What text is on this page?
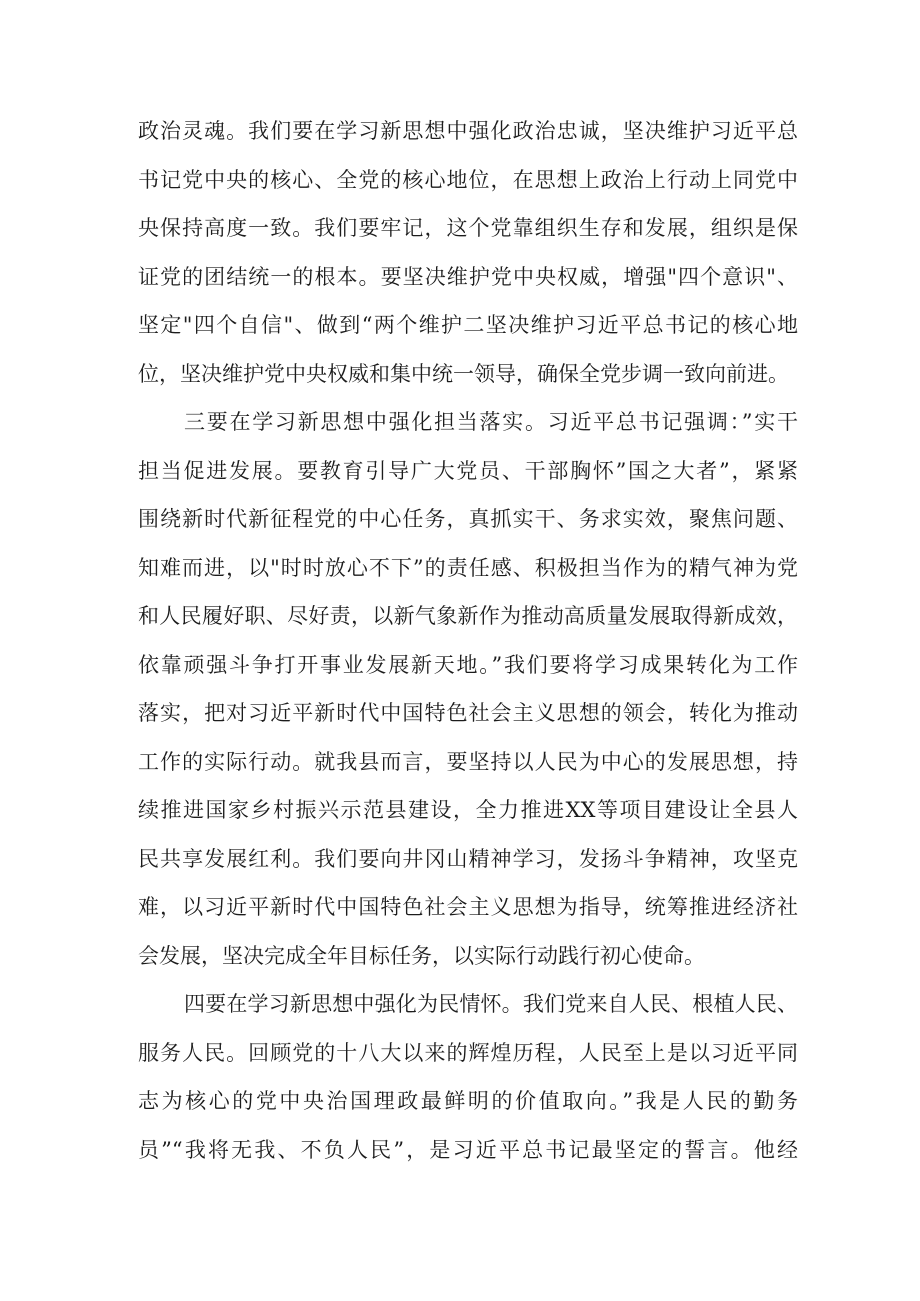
政治灵魂。我们要在学习新思想中强化政治忠诚，坚决维护习近平总
书记党中央的核心、全党的核心地位，在思想上政治上行动上同党中
央保持高度一致。我们要牢记，这个党靠组织生存和发展，组织是保
证党的团结统一的根本。要坚决维护党中央权威，增强"四个意识"、
坚定"四个自信"、做到“两个维护二坚决维护习近平总书记的核心地
位，坚决维护党中央权威和集中统一领导，确保全党步调一致向前进。
三要在学习新思想中强化担当落实。习近平总书记强调：”实干
担当促进发展。要教育引导广大党员、干部胸怀”国之大者”，紧紧
围绕新时代新征程党的中心任务，真抓实干、务求实效，聚焦问题、
知难而进，以"时时放心不下”的责任感、积极担当作为的精气神为党
和人民履好职、尽好责，以新气象新作为推动高质量发展取得新成效，
依靠顽强斗争打开事业发展新天地。”我们要将学习成果转化为工作
落实，把对习近平新时代中国特色社会主义思想的领会，转化为推动
工作的实际行动。就我县而言，要坚持以人民为中心的发展思想，持
续推进国家乡村振兴示范县建设，全力推进XX等项目建设让全县人
民共享发展红利。我们要向井冈山精神学习，发扬斗争精神，攻坚克
难，以习近平新时代中国特色社会主义思想为指导，统筹推进经济社
会发展，坚决完成全年目标任务，以实际行动践行初心使命。
四要在学习新思想中强化为民情怀。我们党来自人民、根植人民、
服务人民。回顾党的十八大以来的辉煌历程，人民至上是以习近平同
志为核心的党中央治国理政最鲜明的价值取向。”我是人民的勤务
员”“我将无我、不负人民”，是习近平总书记最坚定的誓言。他经
